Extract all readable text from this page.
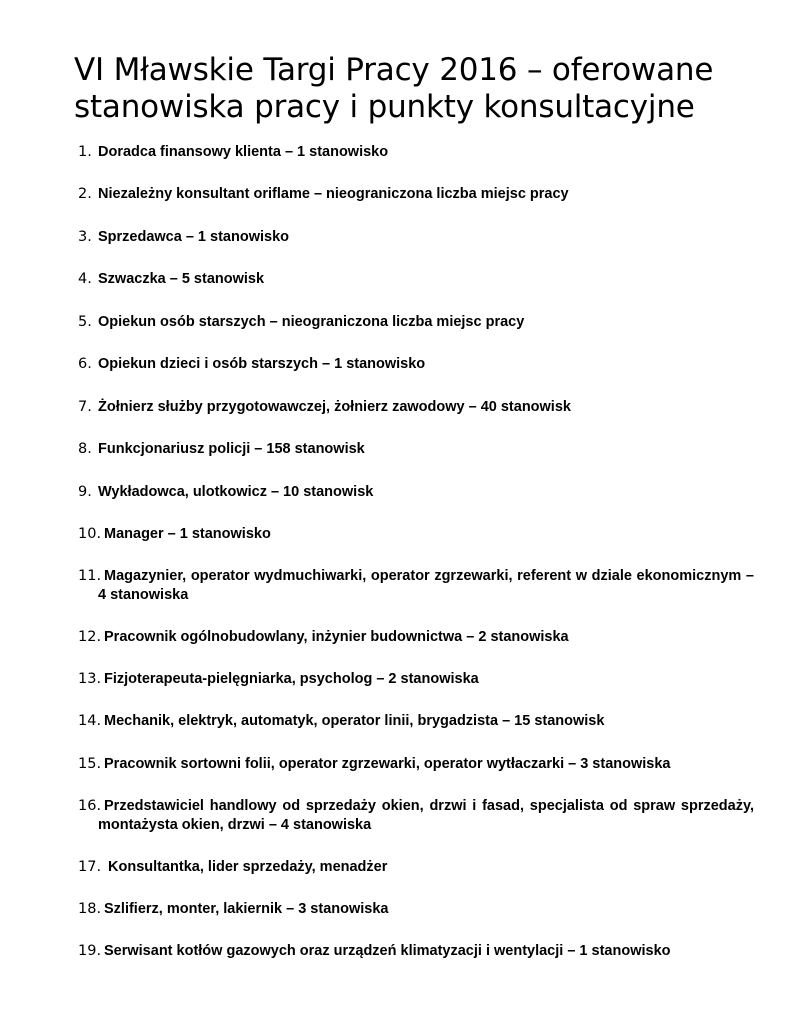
VI Mławskie Targi Pracy 2016 – oferowane
stanowiska pracy i punkty konsultacyjne
1. Doradca finansowy klienta – 1 stanowisko
2. Niezależny konsultant oriflame – nieograniczona liczba miejsc pracy
3. Sprzedawca – 1 stanowisko
4. Szwaczka – 5 stanowisk
5. Opiekun osób starszych – nieograniczona liczba miejsc pracy
6. Opiekun dzieci i osób starszych – 1 stanowisko
7. Żołnierz służby przygotowawczej, żołnierz zawodowy – 40 stanowisk
8. Funkcjonariusz policji – 158 stanowisk
9. Wykładowca, ulotkowicz – 10 stanowisk
10. Manager – 1 stanowisko
11. Magazynier, operator wydmuchiwarki, operator zgrzewarki, referent w dziale ekonomicznym – 4 stanowiska
12. Pracownik ogólnobudowlany, inżynier budownictwa – 2 stanowiska
13. Fizjoterapeuta-pielęgniarka, psycholog – 2 stanowiska
14. Mechanik, elektryk, automatyk, operator linii, brygadzista – 15 stanowisk
15. Pracownik sortowni folii, operator zgrzewarki, operator wytłaczarki – 3 stanowiska
16. Przedstawiciel handlowy od sprzedaży okien, drzwi i fasad, specjalista od spraw sprzedaży, montażysta okien, drzwi – 4 stanowiska
17. Konsultantka, lider sprzedaży, menadżer
18. Szlifierz, monter, lakiernik – 3 stanowiska
19. Serwisant kotłów gazowych oraz urządzeń klimatyzacji i wentylacji – 1 stanowisko
